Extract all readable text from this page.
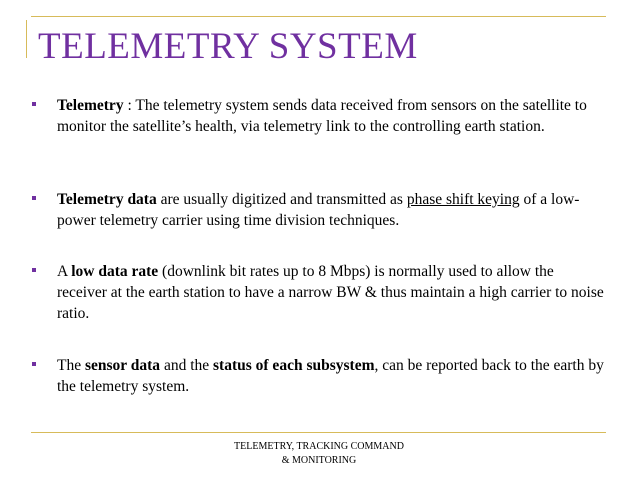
TELEMETRY SYSTEM
Telemetry : The telemetry system sends data received from sensors on the satellite to monitor the satellite’s health, via telemetry link to the controlling earth station.
Telemetry data are usually digitized and transmitted as phase shift keying of a low-power telemetry carrier using time division techniques.
A low data rate (downlink bit rates up to 8 Mbps) is normally used to allow the receiver at the earth station to have a narrow BW & thus maintain a high carrier to noise ratio.
The sensor data and the status of each subsystem, can be reported back to the earth by the telemetry system.
TELEMETRY, TRACKING COMMAND
& MONITORING
